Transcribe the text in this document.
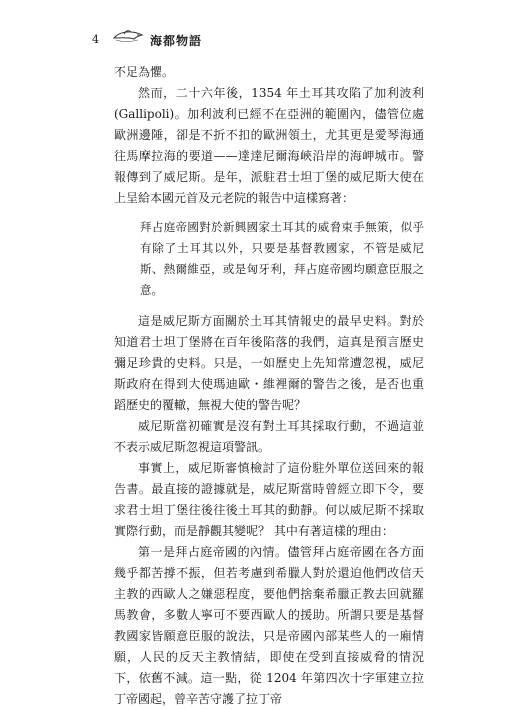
4	海都物語

不足為懼。

然而，二十六年後，1354 年土耳其攻陷了加利波利 (Gallipoli)。加利波利已經不在亞洲的範圍內，儘管位處歐洲邊陲，卻是不折不扣的歐洲領土，尤其更是愛琴海通往馬摩拉海的要道——達達尼爾海峽沿岸的海岬城市。警報傳到了威尼斯。是年，派駐君士坦丁堡的威尼斯大使在上呈給本國元首及元老院的報告中這樣寫著：

拜占庭帝國對於新興國家土耳其的威脅束手無策，似乎有除了土耳其以外，只要是基督教國家，不管是威尼斯、熱爾維亞，或是匈牙利，拜占庭帝國均願意臣服之意。

這是威尼斯方面關於土耳其情報史的最早史料。對於知道君士坦丁堡將在百年後陷落的我們，這真是預言歷史彌足珍貴的史料。只是，一如歷史上先知常遭忽視，威尼斯政府在得到大使瑪迪歐・維裡爾的警告之後，是否也重蹈歷史的覆轍，無視大使的警告呢？

威尼斯當初確實是沒有對土耳其採取行動，不過這並不表示威尼斯忽視這項警訊。

事實上，威尼斯審慎檢討了這份駐外單位送回來的報告書。最直接的證據就是，威尼斯當時曾經立即下令，要求君士坦丁堡往後往後土耳其的動靜。何以威尼斯不採取實際行動，而是靜觀其變呢？ 其中有著這樣的理由：

第一是拜占庭帝國的內情。儘管拜占庭帝國在各方面幾乎都苦撐不振，但若考慮到希臘人對於還迫他們改信天主教的西歐人之嫌惡程度，要他們捨棄希臘正教去回就羅馬教會，多數人寧可不要西歐人的援助。所謂只要是基督教國家皆願意臣服的說法，只是帝國內部某些人的一廂情願，人民的反天主教情結，即使在受到直接威脅的情況下，依舊不減。這一點，從 1204 年第四次十字軍建立拉丁帝國起，曾辛苦守護了拉丁帝
